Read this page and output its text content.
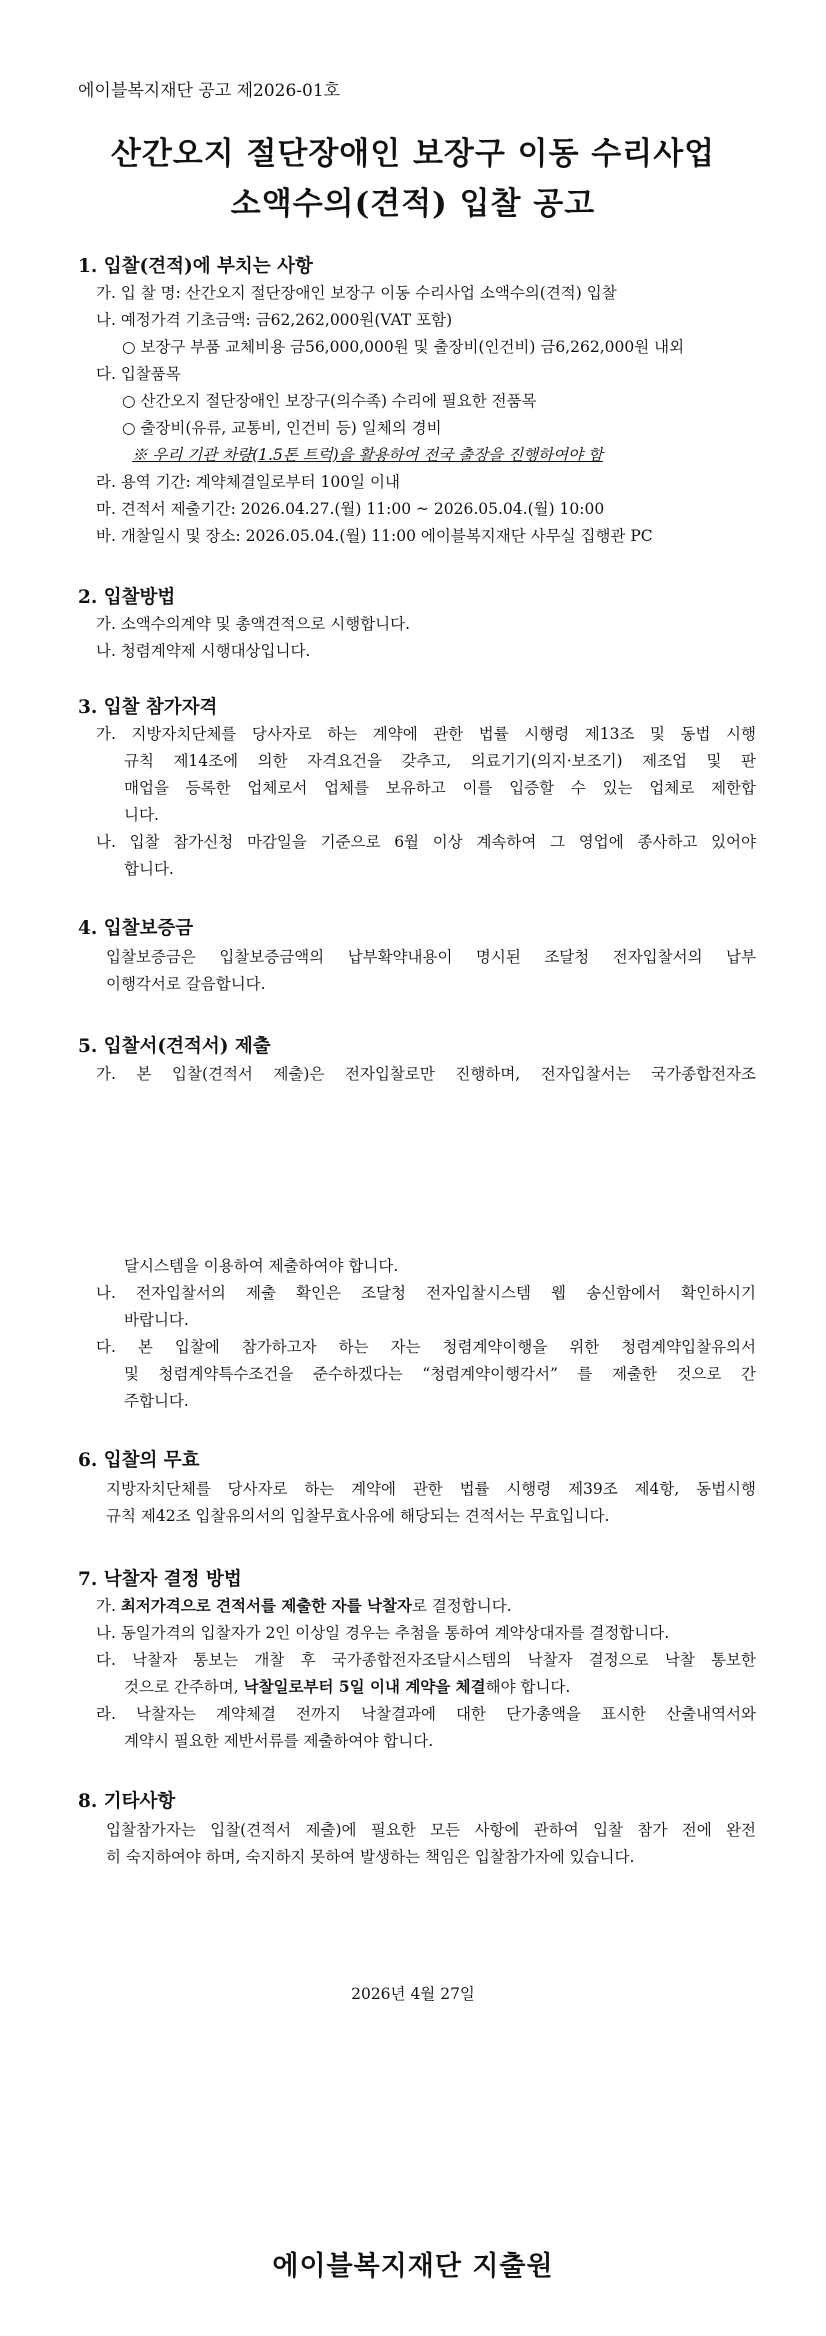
에이블복지재단 공고 제2026-01호
산간오지 절단장애인 보장구 이동 수리사업
소액수의(견적) 입찰 공고
1. 입찰(견적)에 부치는 사항
가. 입 찰 명: 산간오지 절단장애인 보장구 이동 수리사업 소액수의(견적) 입찰
나. 예정가격 기초금액: 금62,262,000원(VAT 포함)
○ 보장구 부품 교체비용 금56,000,000원 및 출장비(인건비) 금6,262,000원 내외
다. 입찰품목
○ 산간오지 절단장애인 보장구(의수족) 수리에 필요한 전품목
○ 출장비(유류, 교통비, 인건비 등) 일체의 경비
※ 우리 기관 차량(1.5톤 트럭)을 활용하여 전국 출장을 진행하여야 함
라. 용역 기간: 계약체결일로부터 100일 이내
마. 견적서 제출기간: 2026.04.27.(월) 11:00 ~ 2026.05.04.(월) 10:00
바. 개찰일시 및 장소: 2026.05.04.(월) 11:00 에이블복지재단 사무실 집행관 PC
2. 입찰방법
가. 소액수의계약 및 총액견적으로 시행합니다.
나. 청렴계약제 시행대상입니다.
3. 입찰 참가자격
가. 지방자치단체를 당사자로 하는 계약에 관한 법률 시행령 제13조 및 동법 시행
규칙 제14조에 의한 자격요건을 갖추고, 의료기기(의지·보조기) 제조업 및 판
매업을 등록한 업체로서 업체를 보유하고 이를 입증할 수 있는 업체로 제한합
니다.
나. 입찰 참가신청 마감일을 기준으로 6월 이상 계속하여 그 영업에 종사하고 있어야
합니다.
4. 입찰보증금
입찰보증금은 입찰보증금액의 납부확약내용이 명시된 조달청 전자입찰서의 납부
이행각서로 갈음합니다.
5. 입찰서(견적서) 제출
가. 본 입찰(견적서 제출)은 전자입찰로만 진행하며, 전자입찰서는 국가종합전자조
달시스템을 이용하여 제출하여야 합니다.
나. 전자입찰서의 제출 확인은 조달청 전자입찰시스템 웹 송신함에서 확인하시기
바랍니다.
다. 본 입찰에 참가하고자 하는 자는 청렴계약이행을 위한 청렴계약입찰유의서
및 청렴계약특수조건을 준수하겠다는 “청렴계약이행각서” 를 제출한 것으로 간
주합니다.
6. 입찰의 무효
지방자치단체를 당사자로 하는 계약에 관한 법률 시행령 제39조 제4항, 동법시행
규칙 제42조 입찰유의서의 입찰무효사유에 해당되는 견적서는 무효입니다.
7. 낙찰자 결정 방법
가. 최저가격으로 견적서를 제출한 자를 낙찰자로 결정합니다.
나. 동일가격의 입찰자가 2인 이상일 경우는 추첨을 통하여 계약상대자를 결정합니다.
다. 낙찰자 통보는 개찰 후 국가종합전자조달시스템의 낙찰자 결정으로 낙찰 통보한
것으로 간주하며, 낙찰일로부터 5일 이내 계약을 체결해야 합니다.
라. 낙찰자는 계약체결 전까지 낙찰결과에 대한 단가총액을 표시한 산출내역서와
계약시 필요한 제반서류를 제출하여야 합니다.
8. 기타사항
입찰참가자는 입찰(견적서 제출)에 필요한 모든 사항에 관하여 입찰 참가 전에 완전
히 숙지하여야 하며, 숙지하지 못하여 발생하는 책임은 입찰참가자에 있습니다.
2026년 4월 27일
에이블복지재단 지출원
